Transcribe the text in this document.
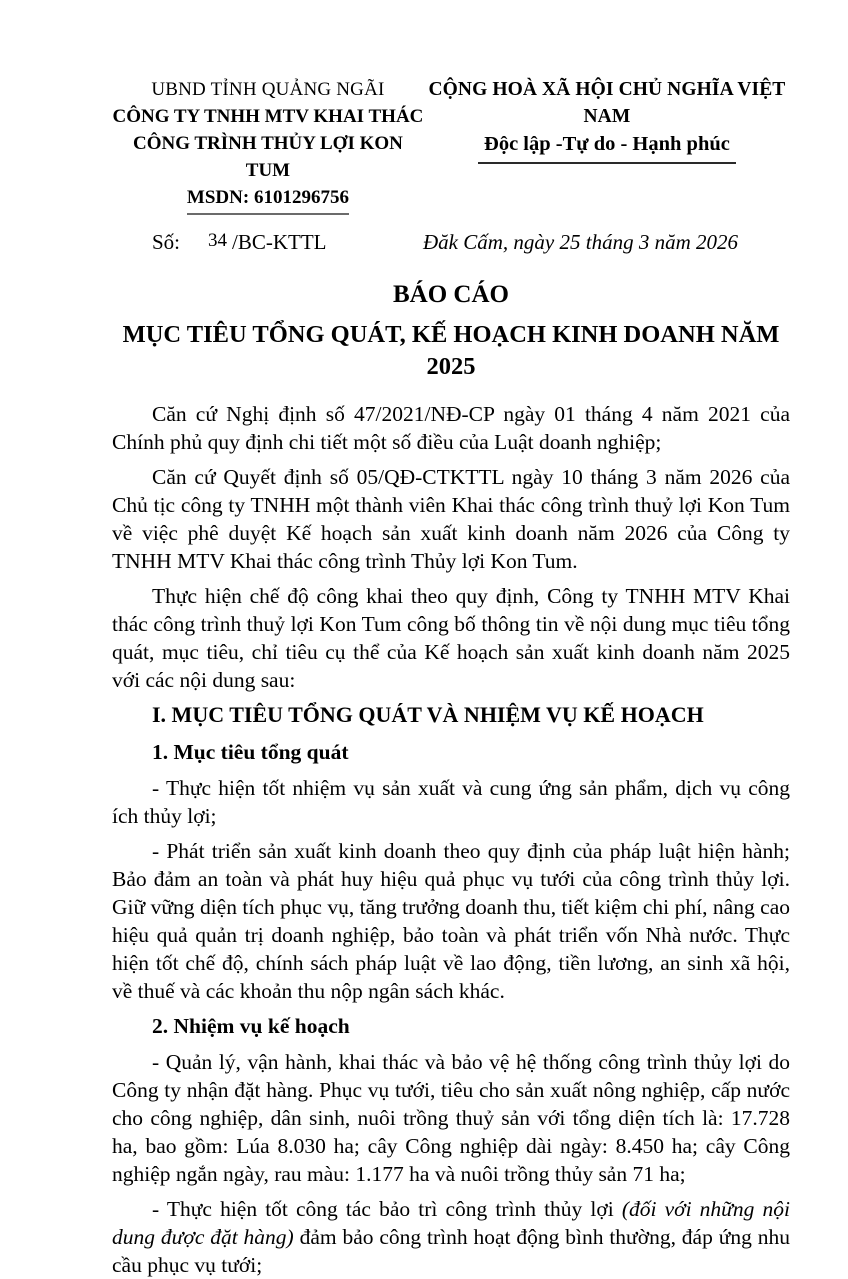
UBND TỈNH QUẢNG NGÃI
CÔNG TY TNHH MTV KHAI THÁC
CÔNG TRÌNH THỦY LỢI KON TUM
MSDN: 6101296756
CỘNG HOÀ XÃ HỘI CHỦ NGHĨA VIỆT NAM
Độc lập -Tự do - Hạnh phúc
Số: 34 /BC-KTTL	Đăk Cấm, ngày 25 tháng 3 năm 2026
BÁO CÁO
MỤC TIÊU TỔNG QUÁT, KẾ HOẠCH KINH DOANH NĂM 2025

Căn cứ Nghị định số 47/2021/NĐ-CP ngày 01 tháng 4 năm 2021 của Chính phủ quy định chi tiết một số điều của Luật doanh nghiệp;

Căn cứ Quyết định số 05/QĐ-CTKTTL ngày 10 tháng 3 năm 2026 của Chủ tịc công ty TNHH một thành viên Khai thác công trình thuỷ lợi Kon Tum về việc phê duyệt Kế hoạch sản xuất kinh doanh năm 2026 của Công ty TNHH MTV Khai thác công trình Thủy lợi Kon Tum.

Thực hiện chế độ công khai theo quy định, Công ty TNHH MTV Khai thác công trình thuỷ lợi Kon Tum công bố thông tin về nội dung mục tiêu tổng quát, mục tiêu, chỉ tiêu cụ thể của Kế hoạch sản xuất kinh doanh năm 2025 với các nội dung sau:

I. MỤC TIÊU TỔNG QUÁT VÀ NHIỆM VỤ KẾ HOẠCH
1. Mục tiêu tổng quát

- Thực hiện tốt nhiệm vụ sản xuất và cung ứng sản phẩm, dịch vụ công ích thủy lợi;

- Phát triển sản xuất kinh doanh theo quy định của pháp luật hiện hành; Bảo đảm an toàn và phát huy hiệu quả phục vụ tưới của công trình thủy lợi. Giữ vững diện tích phục vụ, tăng trưởng doanh thu, tiết kiệm chi phí, nâng cao hiệu quả quản trị doanh nghiệp, bảo toàn và phát triển vốn Nhà nước. Thực hiện tốt chế độ, chính sách pháp luật về lao động, tiền lương, an sinh xã hội, về thuế và các khoản thu nộp ngân sách khác.

2. Nhiệm vụ kế hoạch

- Quản lý, vận hành, khai thác và bảo vệ hệ thống công trình thủy lợi do Công ty nhận đặt hàng. Phục vụ tưới, tiêu cho sản xuất nông nghiệp, cấp nước cho công nghiệp, dân sinh, nuôi trồng thuỷ sản với tổng diện tích là: 17.728 ha, bao gồm: Lúa 8.030 ha; cây Công nghiệp dài ngày: 8.450 ha; cây Công nghiệp ngắn ngày, rau màu: 1.177 ha và nuôi trồng thủy sản 71 ha;

- Thực hiện tốt công tác bảo trì công trình thủy lợi (đối với những nội dung được đặt hàng) đảm bảo công trình hoạt động bình thường, đáp ứng nhu cầu phục vụ tưới;
